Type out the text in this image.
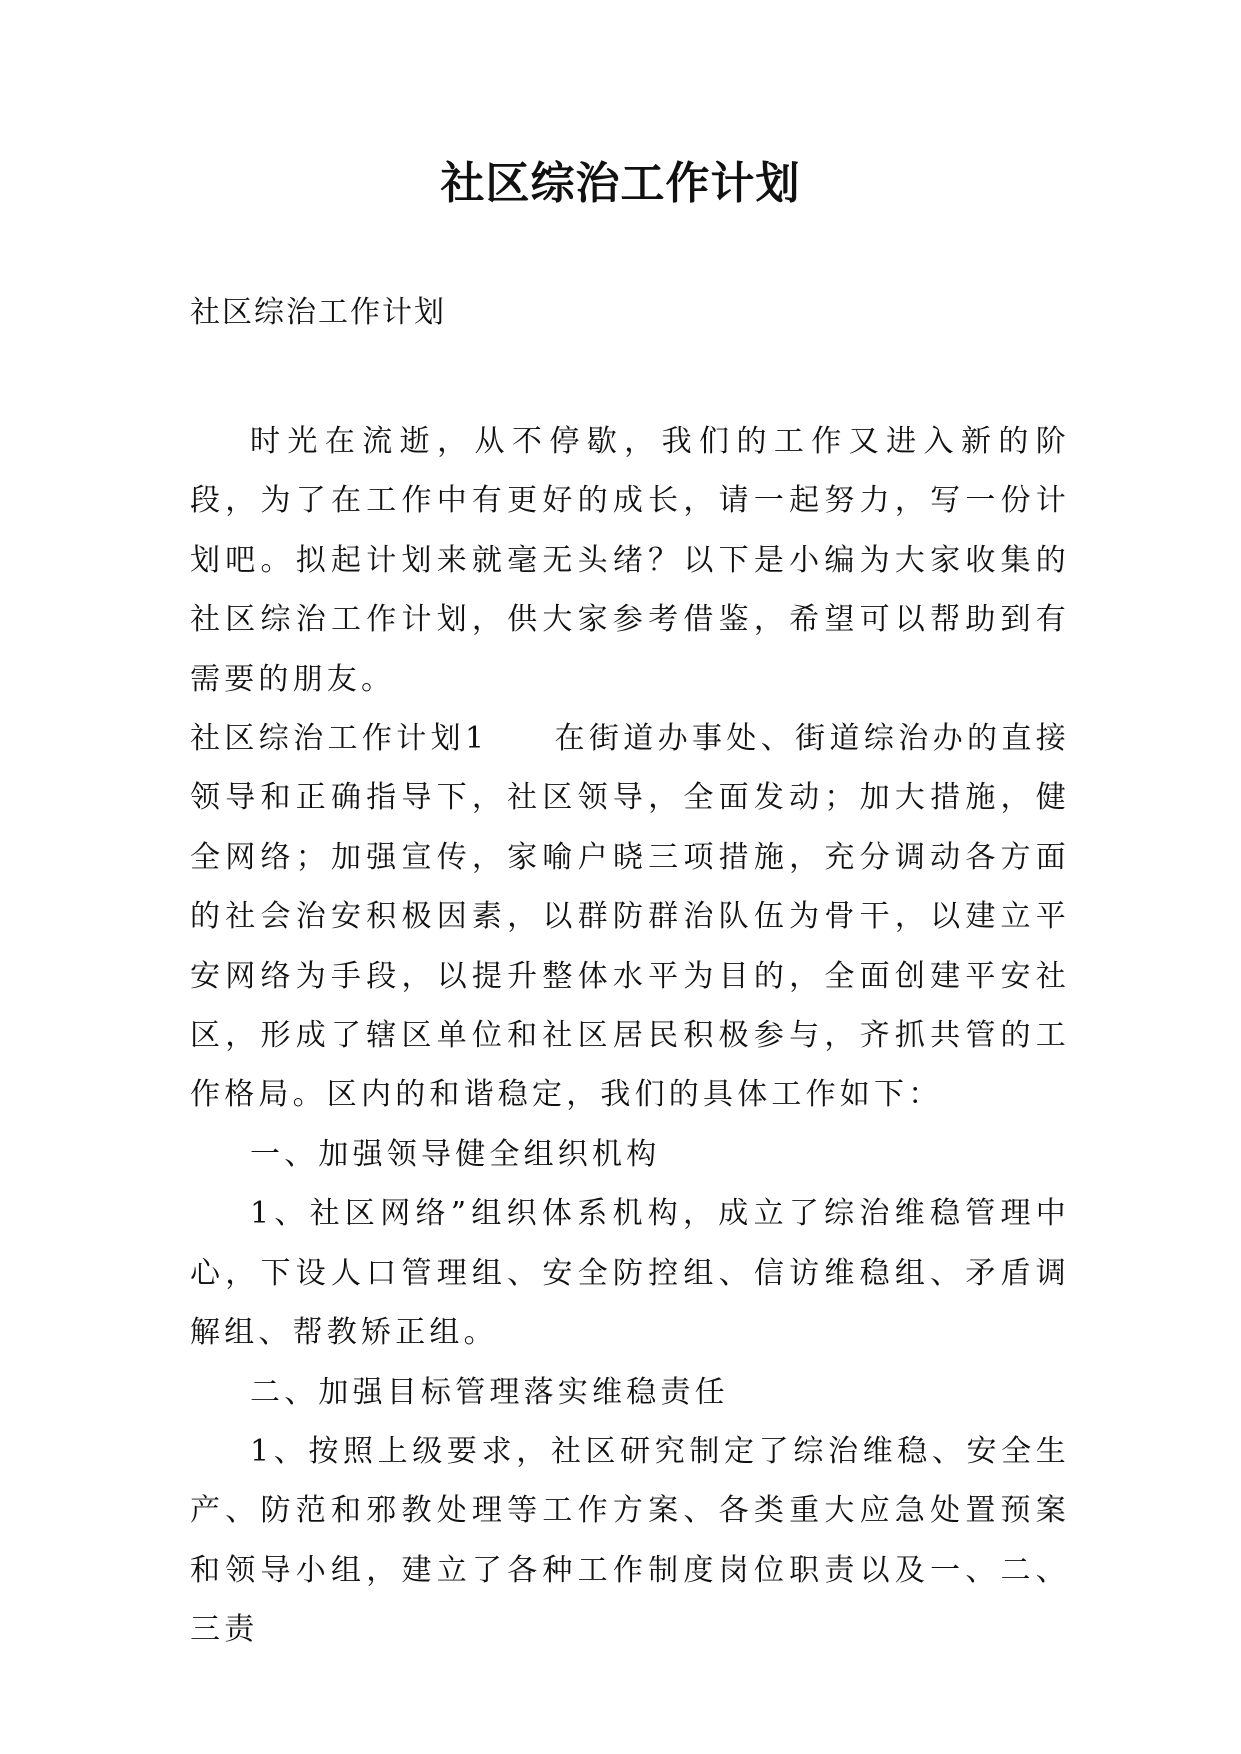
社区综治工作计划

社区综治工作计划

时光在流逝，从不停歇，我们的工作又进入新的阶段，为了在工作中有更好的成长，请一起努力，写一份计划吧。拟起计划来就毫无头绪？以下是小编为大家收集的社区综治工作计划，供大家参考借鉴，希望可以帮助到有需要的朋友。

社区综治工作计划1 在街道办事处、街道综治办的直接领导和正确指导下，社区领导，全面发动；加大措施，健全网络；加强宣传，家喻户晓三项措施，充分调动各方面的社会治安积极因素，以群防群治队伍为骨干，以建立平安网络为手段，以提升整体水平为目的，全面创建平安社区，形成了辖区单位和社区居民积极参与，齐抓共管的工作格局。区内的和谐稳定，我们的具体工作如下：

一、加强领导健全组织机构

1、社区网络”组织体系机构，成立了综治维稳管理中心，下设人口管理组、安全防控组、信访维稳组、矛盾调解组、帮教矫正组。

二、加强目标管理落实维稳责任

1、按照上级要求，社区研究制定了综治维稳、安全生产、防范和邪教处理等工作方案、各类重大应急处置预案和领导小组，建立了各种工作制度岗位职责以及一、二、三责
